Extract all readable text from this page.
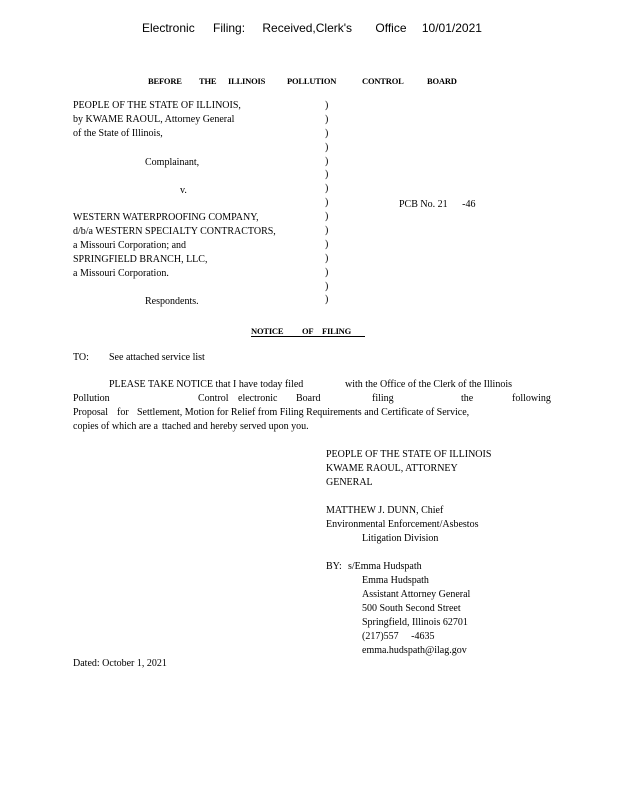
Electronic Filing: Received,Clerk's Office 10/01/2021
BEFORE THE ILLINOIS	POLLUTION	CONTROL	BOARD
PEOPLE OF THE STATE OF ILLINOIS,
by KWAME RAOUL, Attorney General
of the State of Illinois,
Complainant,
v.
WESTERN WATERPROOFING COMPANY,
d/b/a WESTERN SPECIALTY CONTRACTORS,
a Missouri Corporation; and
SPRINGFIELD BRANCH, LLC,
a Missouri Corporation.
Respondents.
)
)
)
)
)
)
)
)
)
)
)
)
)
)
)
PCB No. 21 -46
NOTICE OF FILING
TO: See attached service list
PLEASE TAKE NOTICE that I have today filed	with the Office of the Clerk of the Illinois
Pollution	Control electronic Board	filing	the	following
Proposal for Settlement, Motion for Relief from Filing Requirements and Certificate of Service,
copies of which are a ttached and hereby served upon you.
PEOPLE OF THE STATE OF ILLINOIS
KWAME RAOUL, ATTORNEY
GENERAL
MATTHEW J. DUNN, Chief
Environmental Enforcement/Asbestos
Litigation Division
BY: s/Emma Hudspath
Emma Hudspath
Assistant Attorney General
500 South Second Street
Springfield, Illinois 62701
(217)557 -4635
emma.hudspath@ilag.gov
Dated: October 1, 2021
